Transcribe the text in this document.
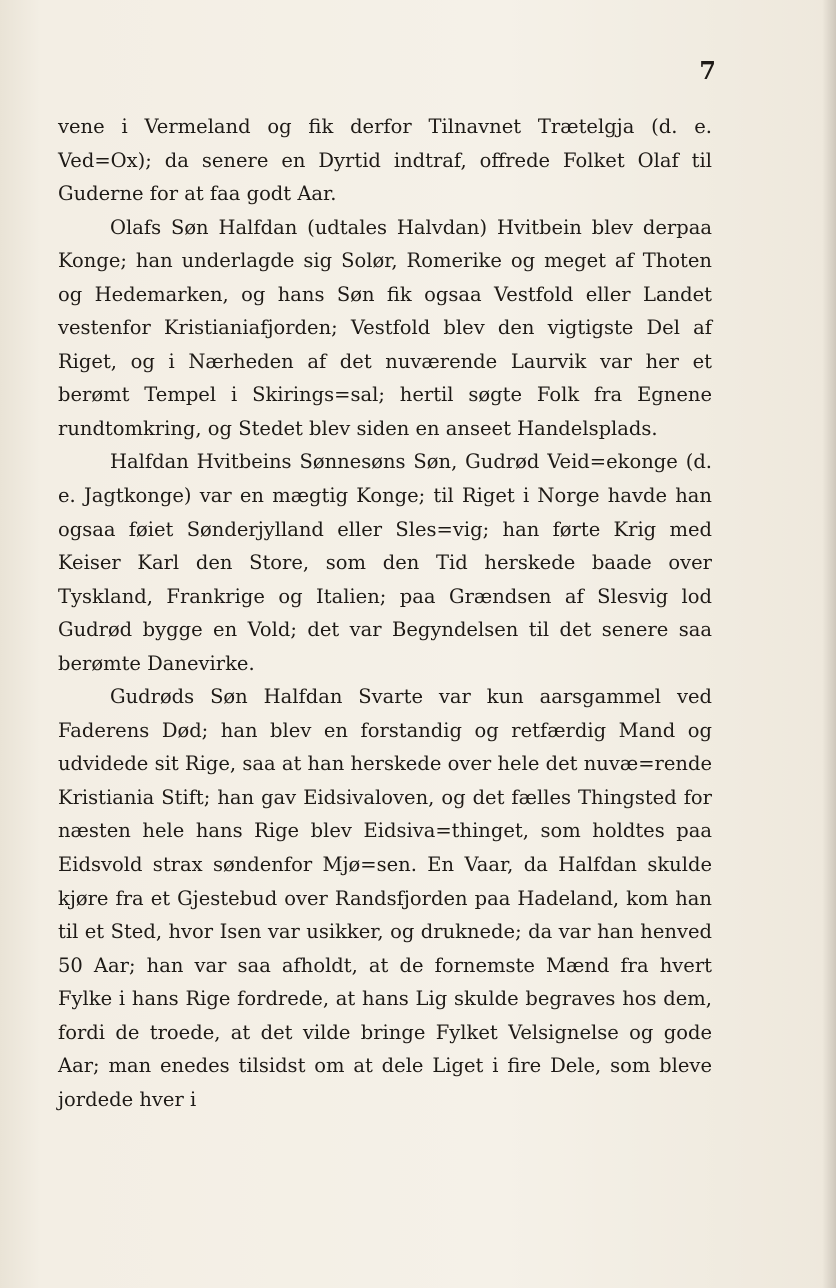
7

vene i Vermeland og fik derfor Tilnavnet Trætelgja (d. e. Ved=Ox); da senere en Dyrtid indtraf, offrede Folket Olaf til Guderne for at faa godt Aar.

Olafs Søn Halfdan (udtales Halvdan) Hvitbein blev derpaa Konge; han underlagde sig Solør, Romerike og meget af Thoten og Hedemarken, og hans Søn fik ogsaa Vestfold eller Landet vestenfor Kristianiafjorden; Vestfold blev den vigtigste Del af Riget, og i Nærheden af det nuværende Laurvik var her et berømt Tempel i Skirings=sal; hertil søgte Folk fra Egnene rundtomkring, og Stedet blev siden en anseet Handelsplads.

Halfdan Hvitbeins Sønnesøns Søn, Gudrød Veid=ekonge (d. e. Jagtkonge) var en mægtig Konge; til Riget i Norge havde han ogsaa føiet Sønderjylland eller Sles=vig; han førte Krig med Keiser Karl den Store, som den Tid herskede baade over Tyskland, Frankrige og Italien; paa Grændsen af Slesvig lod Gudrød bygge en Vold; det var Begyndelsen til det senere saa berømte Danevirke.

Gudrøds Søn Halfdan Svarte var kun aarsgammel ved Faderens Død; han blev en forstandig og retfærdig Mand og udvidede sit Rige, saa at han herskede over hele det nuvæ=rende Kristiania Stift; han gav Eidsivaloven, og det fælles Thingsted for næsten hele hans Rige blev Eidsiva=thinget, som holdtes paa Eidsvold strax søndenfor Mjø=sen. En Vaar, da Halfdan skulde kjøre fra et Gjestebud over Randsfjorden paa Hadeland, kom han til et Sted, hvor Isen var usikker, og druknede; da var han henved 50 Aar; han var saa afholdt, at de fornemste Mænd fra hvert Fylke i hans Rige fordrede, at hans Lig skulde begraves hos dem, fordi de troede, at det vilde bringe Fylket Velsignelse og gode Aar; man enedes tilsidst om at dele Liget i fire Dele, som bleve jordede hver i
